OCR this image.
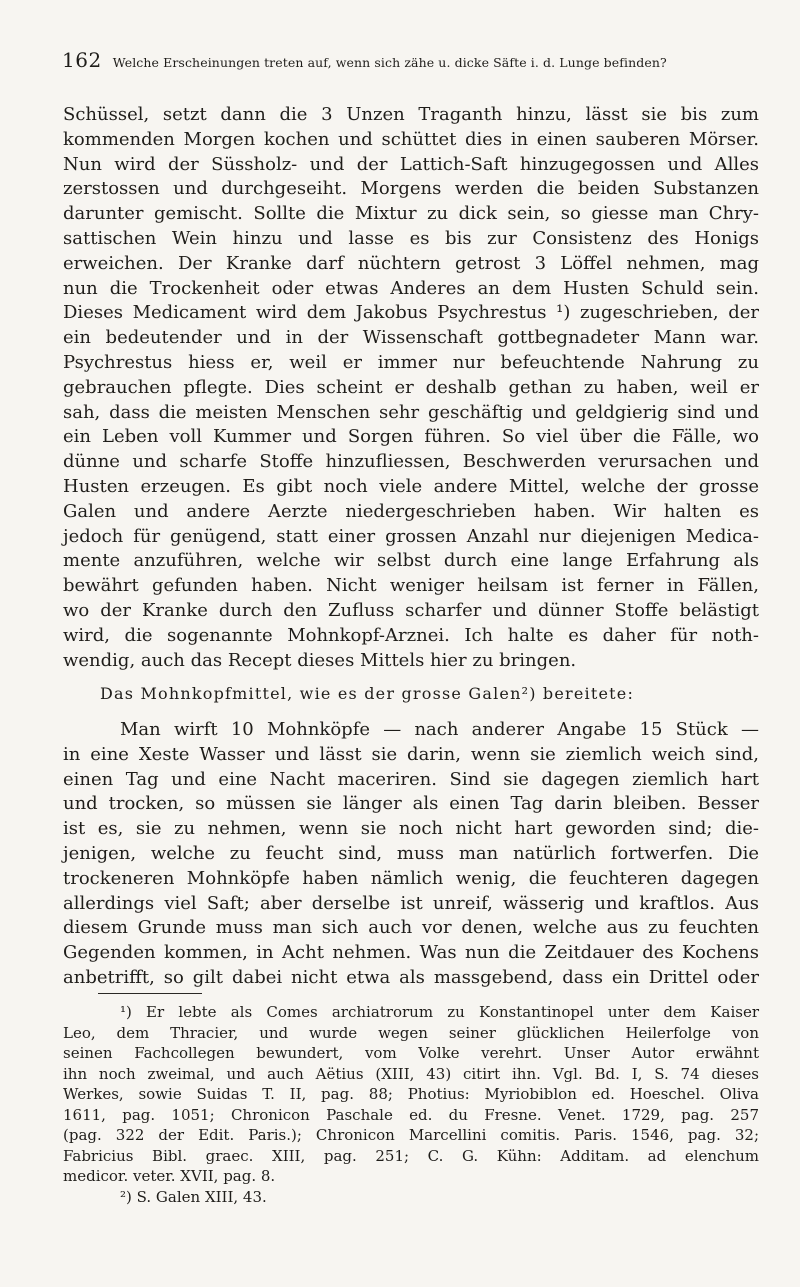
162 Welche Erscheinungen treten auf, wenn sich zähe u. dicke Säfte i. d. Lunge befinden?
Schüssel, setzt dann die 3 Unzen Traganth hinzu, lässt sie bis zum
kommenden Morgen kochen und schüttet dies in einen sauberen Mörser.
Nun wird der Süssholz- und der Lattich-Saft hinzugegossen und Alles
zerstossen und durchgeseiht. Morgens werden die beiden Substanzen
darunter gemischt. Sollte die Mixtur zu dick sein, so giesse man Chry-
sattischen Wein hinzu und lasse es bis zur Consistenz des Honigs
erweichen. Der Kranke darf nüchtern getrost 3 Löffel nehmen, mag
nun die Trockenheit oder etwas Anderes an dem Husten Schuld sein.
Dieses Medicament wird dem Jakobus Psychrestus ¹) zugeschrieben, der
ein bedeutender und in der Wissenschaft gottbegnadeter Mann war.
Psychrestus hiess er, weil er immer nur befeuchtende Nahrung zu
gebrauchen pflegte. Dies scheint er deshalb gethan zu haben, weil er
sah, dass die meisten Menschen sehr geschäftig und geldgierig sind und
ein Leben voll Kummer und Sorgen führen. So viel über die Fälle, wo
dünne und scharfe Stoffe hinzufliessen, Beschwerden verursachen und
Husten erzeugen. Es gibt noch viele andere Mittel, welche der grosse
Galen und andere Aerzte niedergeschrieben haben. Wir halten es
jedoch für genügend, statt einer grossen Anzahl nur diejenigen Medica-
mente anzuführen, welche wir selbst durch eine lange Erfahrung als
bewährt gefunden haben. Nicht weniger heilsam ist ferner in Fällen,
wo der Kranke durch den Zufluss scharfer und dünner Stoffe belästigt
wird, die sogenannte Mohnkopf-Arznei. Ich halte es daher für noth-
wendig, auch das Recept dieses Mittels hier zu bringen.
Das Mohnkopfmittel, wie es der grosse Galen²) bereitete:
Man wirft 10 Mohnköpfe — nach anderer Angabe 15 Stück —
in eine Xeste Wasser und lässt sie darin, wenn sie ziemlich weich sind,
einen Tag und eine Nacht maceriren. Sind sie dagegen ziemlich hart
und trocken, so müssen sie länger als einen Tag darin bleiben. Besser
ist es, sie zu nehmen, wenn sie noch nicht hart geworden sind; die-
jenigen, welche zu feucht sind, muss man natürlich fortwerfen. Die
trockeneren Mohnköpfe haben nämlich wenig, die feuchteren dagegen
allerdings viel Saft; aber derselbe ist unreif, wässerig und kraftlos. Aus
diesem Grunde muss man sich auch vor denen, welche aus zu feuchten
Gegenden kommen, in Acht nehmen. Was nun die Zeitdauer des Kochens
anbetrifft, so gilt dabei nicht etwa als massgebend, dass ein Drittel oder
¹) Er lebte als Comes archiatrorum zu Konstantinopel unter dem Kaiser
Leo, dem Thracier, und wurde wegen seiner glücklichen Heilerfolge von
seinen Fachcollegen bewundert, vom Volke verehrt. Unser Autor erwähnt
ihn noch zweimal, und auch Aëtius (XIII, 43) citirt ihn. Vgl. Bd. I, S. 74 dieses
Werkes, sowie Suidas T. II, pag. 88; Photius: Myriobiblon ed. Hoeschel. Oliva
1611, pag. 1051; Chronicon Paschale ed. du Fresne. Venet. 1729, pag. 257
(pag. 322 der Edit. Paris.); Chronicon Marcellini comitis. Paris. 1546, pag. 32;
Fabricius Bibl. graec. XIII, pag. 251; C. G. Kühn: Additam. ad elenchum
medicor. veter. XVII, pag. 8.
²) S. Galen XIII, 43.
